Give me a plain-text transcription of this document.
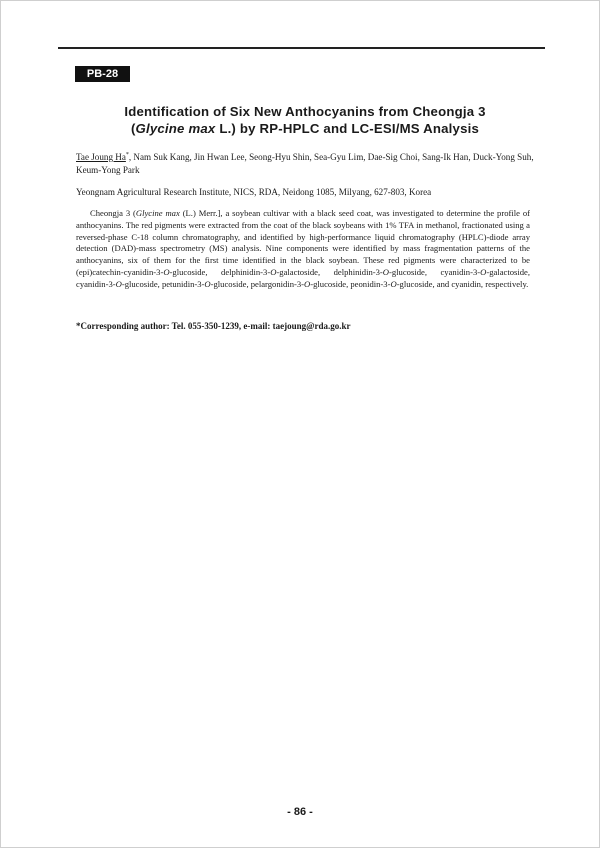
PB-28
Identification of Six New Anthocyanins from Cheongja 3
(Glycine max L.) by RP-HPLC and LC-ESI/MS Analysis
Tae Joung Ha*, Nam Suk Kang, Jin Hwan Lee, Seong-Hyu Shin, Sea-Gyu Lim, Dae-Sig Choi, Sang-Ik Han, Duck-Yong Suh, Keum-Yong Park
Yeongnam Agricultural Research Institute, NICS, RDA, Neidong 1085, Milyang, 627-803, Korea
Cheongja 3 (Glycine max (L.) Merr.], a soybean cultivar with a black seed coat, was investigated to determine the profile of anthocyanins. The red pigments were extracted from the coat of the black soybeans with 1% TFA in methanol, fractionated using a reversed-phase C-18 column chromatography, and identified by high-performance liquid chromatography (HPLC)-diode array detection (DAD)-mass spectrometry (MS) analysis. Nine components were identified by mass fragmentation patterns of the anthocyanins, six of them for the first time identified in the black soybean. These red pigments were characterized to be (epi)catechin-cyanidin-3-O-glucoside, delphinidin-3-O-galactoside, delphinidin-3-O-glucoside, cyanidin-3-O-galactoside, cyanidin-3-O-glucoside, petunidin-3-O-glucoside, pelargonidin-3-O-glucoside, peonidin-3-O-glucoside, and cyanidin, respectively.
*Corresponding author: Tel. 055-350-1239, e-mail: taejoung@rda.go.kr
- 86 -
